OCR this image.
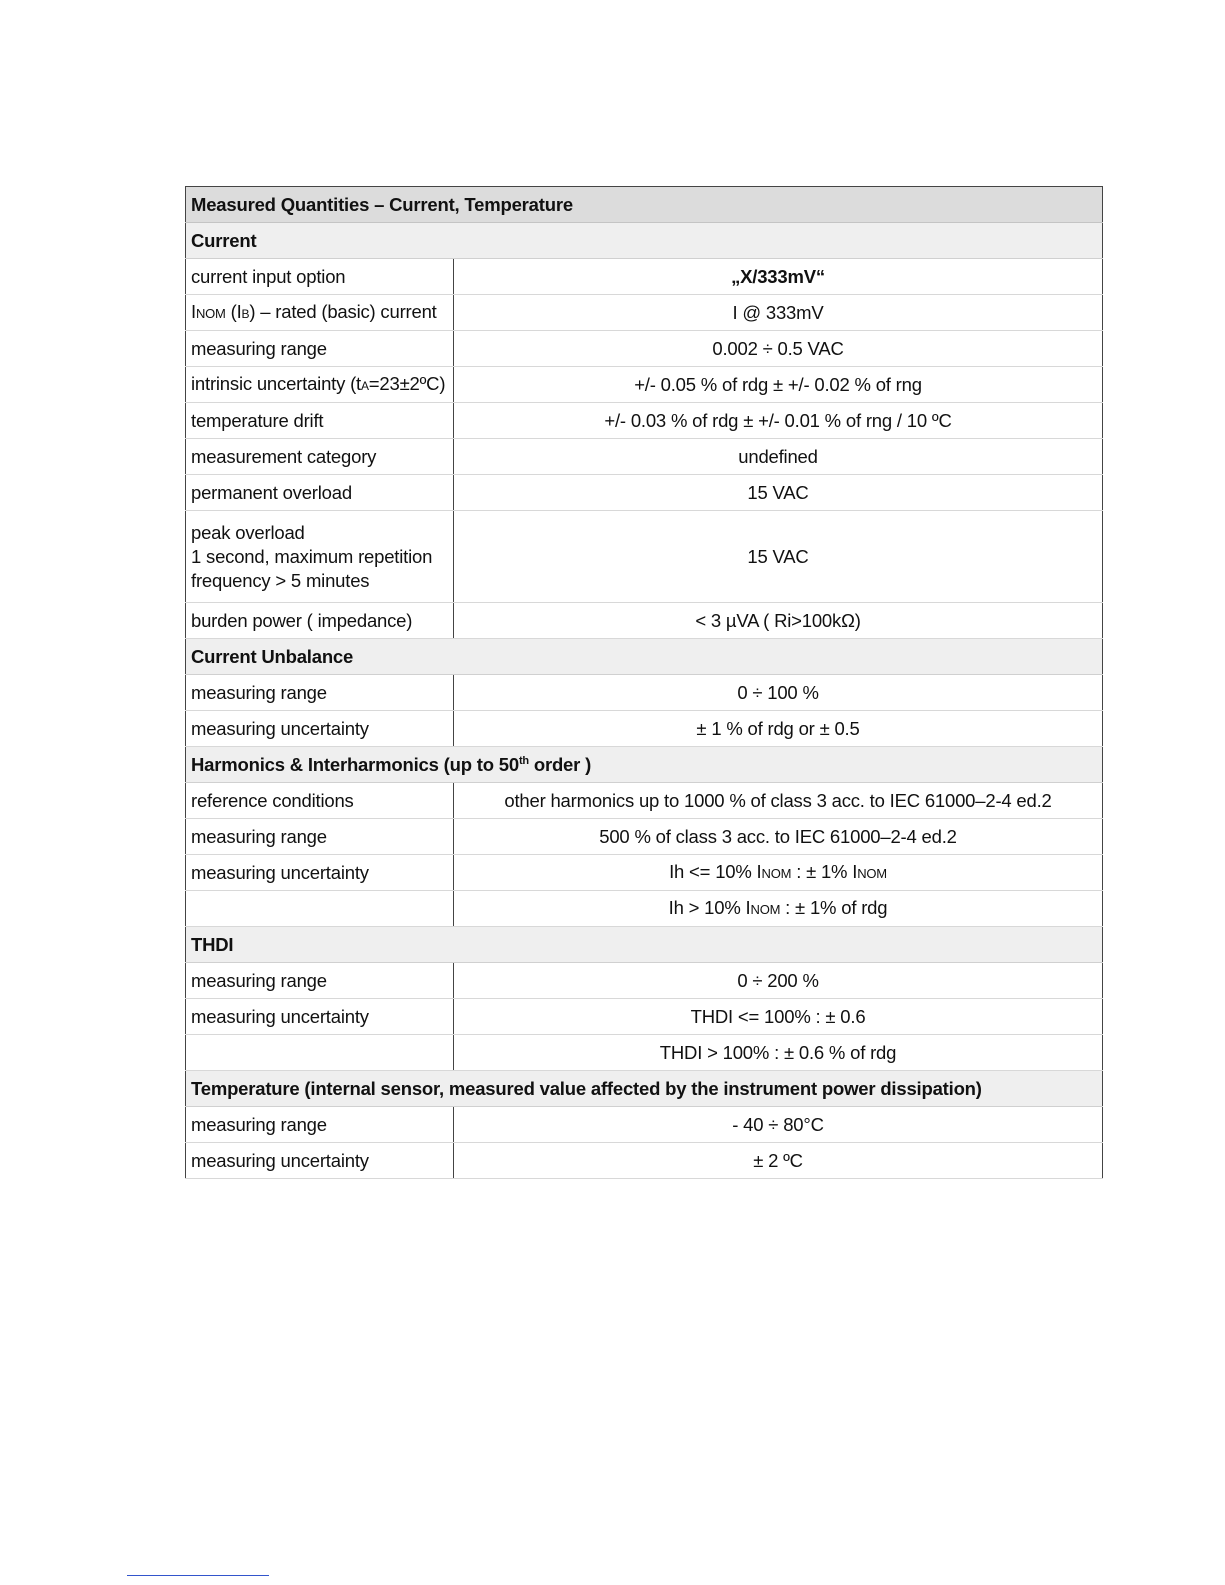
Measured Quantities – Current, Temperature	
Current	
current input option	„X/333mV“
INOM (IB) – rated (basic) current	I @ 333mV
measuring range	0.002 ÷ 0.5 VAC
intrinsic uncertainty (tA=23±2ºC)	+/- 0.05 % of rdg ± +/- 0.02 % of rng
temperature drift	+/- 0.03 % of rdg ± +/- 0.01 % of rng / 10 ºC
measurement category	undefined
permanent overload	15 VAC
peak overload
1 second, maximum repetition
frequency > 5 minutes	15 VAC
burden power ( impedance)	< 3 µVA ( Ri>100kΩ)
Current Unbalance	
measuring range	0 ÷ 100 %
measuring uncertainty	± 1 % of rdg or ± 0.5
Harmonics & Interharmonics (up to 50th order )	
reference conditions	other harmonics up to 1000 % of class 3 acc. to IEC 61000–2-4 ed.2
measuring range	500 % of class 3 acc. to IEC 61000–2-4 ed.2
measuring uncertainty	Ih <= 10% INOM : ± 1% INOM
	Ih > 10% INOM : ± 1% of rdg
THDI	
measuring range	0 ÷ 200 %
measuring uncertainty	THDI <= 100% : ± 0.6
	THDI > 100% : ± 0.6 % of rdg
Temperature (internal sensor, measured value affected by the instrument power dissipation)	
measuring range	- 40 ÷ 80°C
measuring uncertainty	± 2 ºC
